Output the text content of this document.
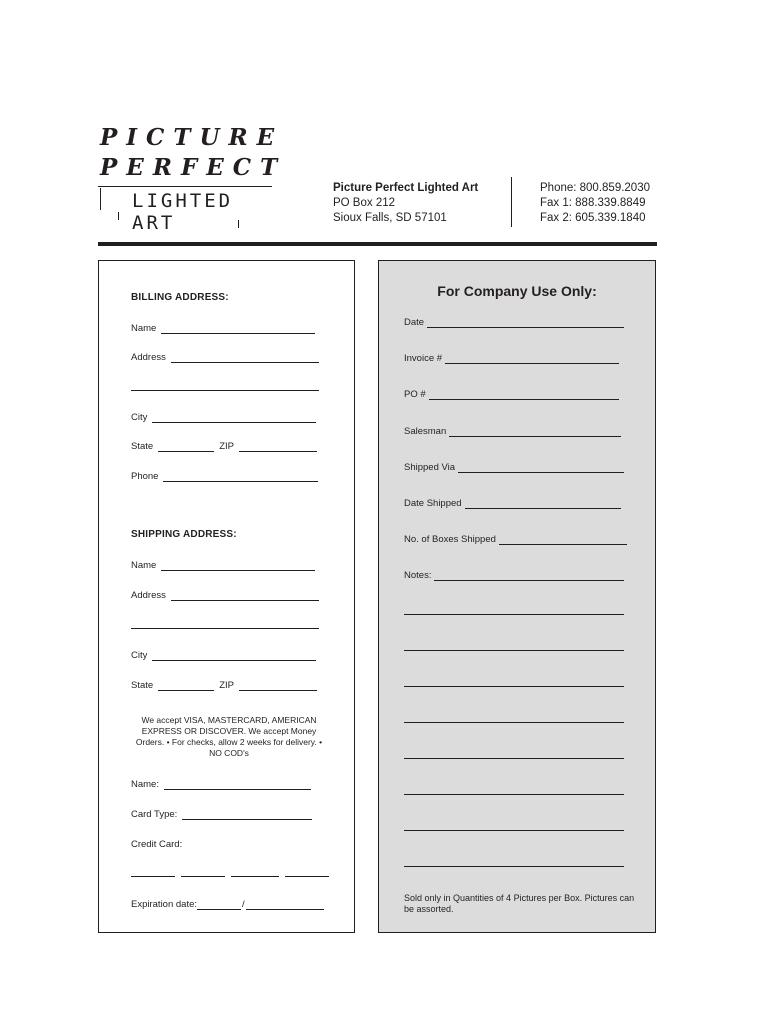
PICTURE
PERFECT
LIGHTED ART
Picture Perfect Lighted Art
PO Box 212
Sioux Falls, SD 57101
Phone: 800.859.2030
Fax 1: 888.339.8849
Fax 2: 605.339.1840
BILLING ADDRESS:
Name
Address
City
State	ZIP
Phone
SHIPPING ADDRESS:
Name
Address
City
State	ZIP
We accept VISA, MASTERCARD, AMERICAN EXPRESS OR DISCOVER. We accept Money Orders. • For checks, allow 2 weeks for delivery. • NO COD's
Name:
Card Type:
Credit Card:
Expiration date:	/
For Company Use Only:
Date
Invoice #
PO #
Salesman
Shipped Via
Date Shipped
No. of Boxes Shipped
Notes:
Sold only in Quantities of 4 Pictures per Box. Pictures can be assorted.
